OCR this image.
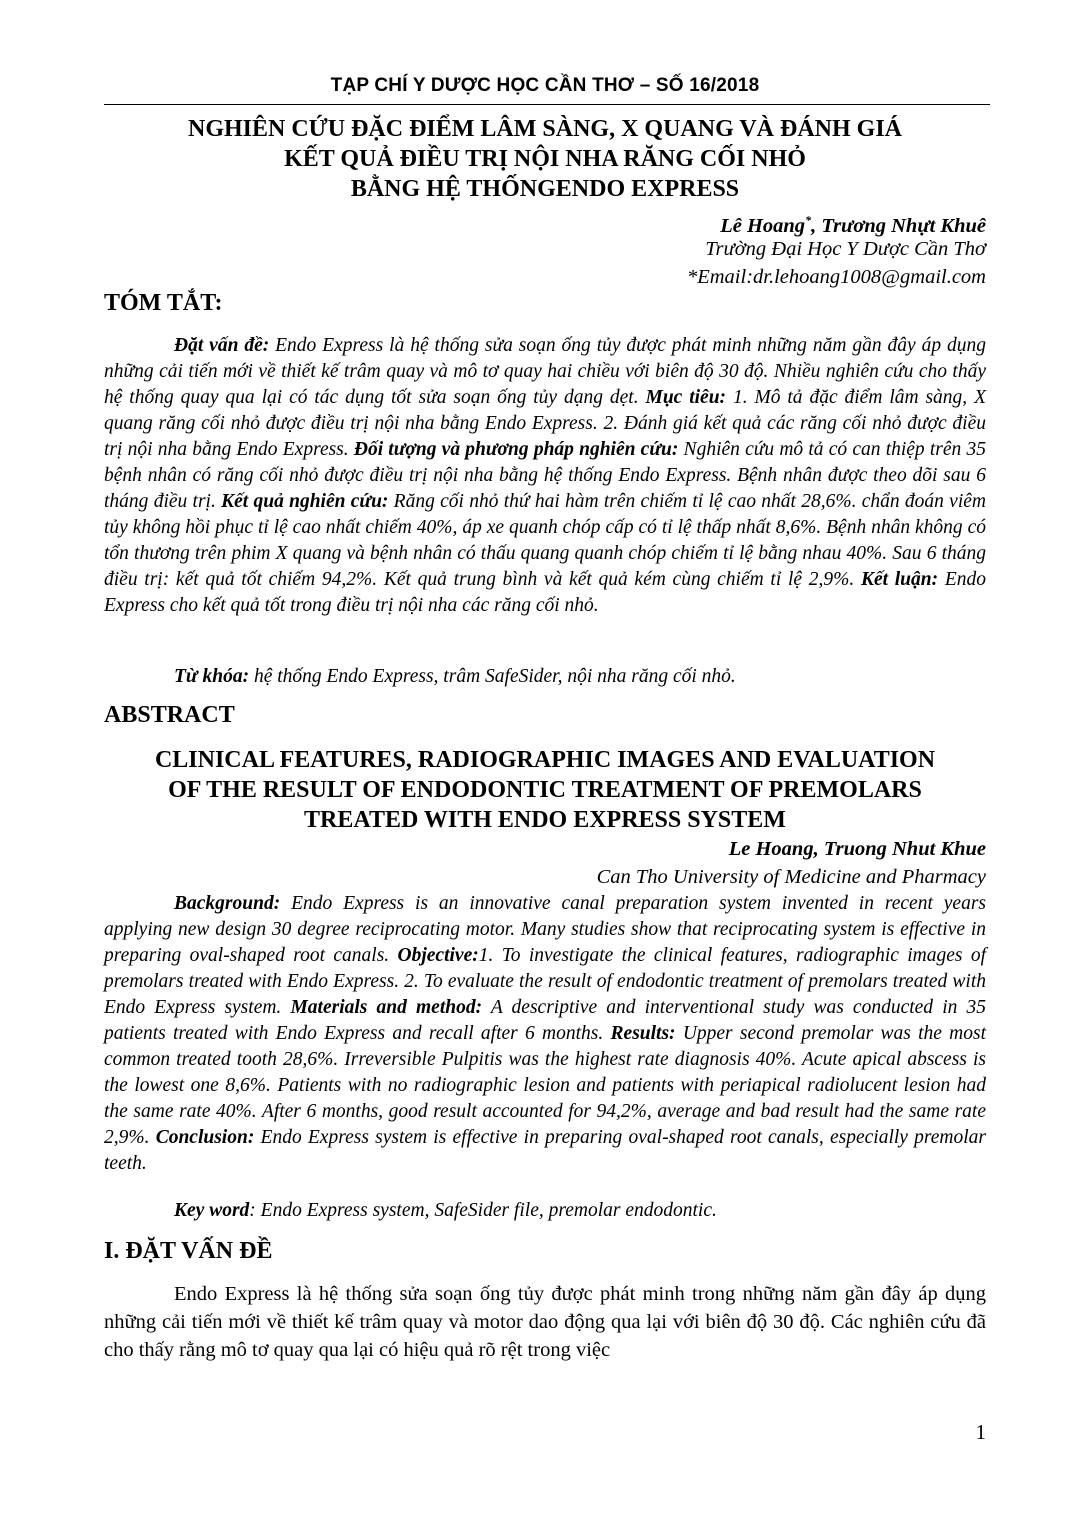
TẠP CHÍ Y DƯỢC HỌC CẦN THƠ – SỐ 16/2018
NGHIÊN CỨU ĐẶC ĐIỂM LÂM SÀNG, X QUANG VÀ ĐÁNH GIÁ
KẾT QUẢ ĐIỀU TRỊ NỘI NHA RĂNG CỐI NHỎ
BẰNG HỆ THỐNGENDO EXPRESS
Lê Hoang*, Trương Nhựt Khuê
Trường Đại Học Y Dược Cần Thơ
*Email:dr.lehoang1008@gmail.com
TÓM TẮT:
Đặt vấn đề: Endo Express là hệ thống sửa soạn ống tủy được phát minh những năm gần đây áp dụng những cải tiến mới về thiết kế trâm quay và mô tơ quay hai chiều với biên độ 30 độ. Nhiều nghiên cứu cho thấy hệ thống quay qua lại có tác dụng tốt sửa soạn ống tủy dạng dẹt. Mục tiêu: 1. Mô tả đặc điểm lâm sàng, X quang răng cối nhỏ được điều trị nội nha bằng Endo Express. 2. Đánh giá kết quả các răng cối nhỏ được điều trị nội nha bằng Endo Express. Đối tượng và phương pháp nghiên cứu: Nghiên cứu mô tả có can thiệp trên 35 bệnh nhân có răng cối nhỏ được điều trị nội nha bằng hệ thống Endo Express. Bệnh nhân được theo dõi sau 6 tháng điều trị. Kết quả nghiên cứu: Răng cối nhỏ thứ hai hàm trên chiếm tỉ lệ cao nhất 28,6%. chẩn đoán viêm tủy không hồi phục tỉ lệ cao nhất chiếm 40%, áp xe quanh chóp cấp có tỉ lệ thấp nhất 8,6%. Bệnh nhân không có tổn thương trên phim X quang và bệnh nhân có thấu quang quanh chóp chiếm tỉ lệ bằng nhau 40%. Sau 6 tháng điều trị: kết quả tốt chiếm 94,2%. Kết quả trung bình và kết quả kém cùng chiếm tỉ lệ 2,9%. Kết luận: Endo Express cho kết quả tốt trong điều trị nội nha các răng cối nhỏ.
Từ khóa: hệ thống Endo Express, trâm SafeSider, nội nha răng cối nhỏ.
ABSTRACT
CLINICAL FEATURES, RADIOGRAPHIC IMAGES AND EVALUATION
OF THE RESULT OF ENDODONTIC TREATMENT OF PREMOLARS
TREATED WITH ENDO EXPRESS SYSTEM
Le Hoang, Truong Nhut Khue
Can Tho University of Medicine and Pharmacy
Background: Endo Express is an innovative canal preparation system invented in recent years applying new design 30 degree reciprocating motor. Many studies show that reciprocating system is effective in preparing oval-shaped root canals. Objective:1. To investigate the clinical features, radiographic images of premolars treated with Endo Express. 2. To evaluate the result of endodontic treatment of premolars treated with Endo Express system. Materials and method: A descriptive and interventional study was conducted in 35 patients treated with Endo Express and recall after 6 months. Results: Upper second premolar was the most common treated tooth 28,6%. Irreversible Pulpitis was the highest rate diagnosis 40%. Acute apical abscess is the lowest one 8,6%. Patients with no radiographic lesion and patients with periapical radiolucent lesion had the same rate 40%. After 6 months, good result accounted for 94,2%, average and bad result had the same rate 2,9%. Conclusion: Endo Express system is effective in preparing oval-shaped root canals, especially premolar teeth.
Key word: Endo Express system, SafeSider file, premolar endodontic.
I. ĐẶT VẤN ĐỀ
Endo Express là hệ thống sửa soạn ống tủy được phát minh trong những năm gần đây áp dụng những cải tiến mới về thiết kế trâm quay và motor dao động qua lại với biên độ 30 độ. Các nghiên cứu đã cho thấy rằng mô tơ quay qua lại có hiệu quả rõ rệt trong việc
1
